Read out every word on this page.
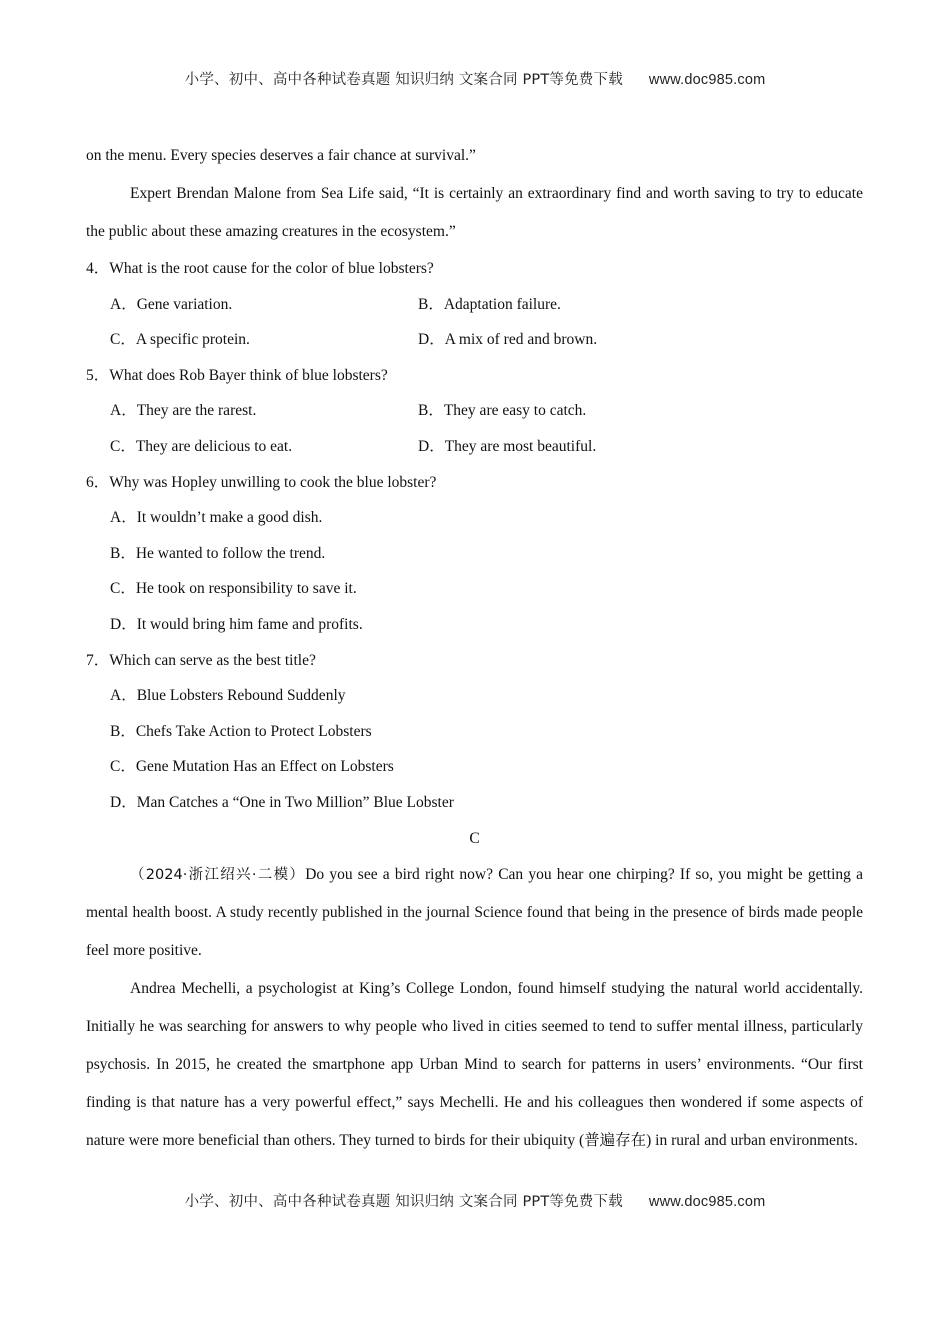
小学、初中、高中各种试卷真题 知识归纳 文案合同 PPT等免费下载 www.doc985.com

on the menu. Every species deserves a fair chance at survival.”

Expert Brendan Malone from Sea Life said, “It is certainly an extraordinary find and worth saving to try to educate the public about these amazing creatures in the ecosystem.”

4．What is the root cause for the color of blue lobsters?

A．Gene variation.	B．Adaptation failure.
C．A specific protein.	D．A mix of red and brown.

5．What does Rob Bayer think of blue lobsters?

A．They are the rarest.	B．They are easy to catch.
C．They are delicious to eat.	D．They are most beautiful.

6．Why was Hopley unwilling to cook the blue lobster?

A．It wouldn’t make a good dish.

B．He wanted to follow the trend.

C．He took on responsibility to save it.

D．It would bring him fame and profits.

7．Which can serve as the best title?

A．Blue Lobsters Rebound Suddenly

B．Chefs Take Action to Protect Lobsters

C．Gene Mutation Has an Effect on Lobsters

D．Man Catches a “One in Two Million” Blue Lobster

C

（2024·浙江绍兴·二模）Do you see a bird right now? Can you hear one chirping? If so, you might be getting a mental health boost. A study recently published in the journal Science found that being in the presence of birds made people feel more positive.

Andrea Mechelli, a psychologist at King’s College London, found himself studying the natural world accidentally. Initially he was searching for answers to why people who lived in cities seemed to tend to suffer mental illness, particularly psychosis. In 2015, he created the smartphone app Urban Mind to search for patterns in users’ environments. “Our first finding is that nature has a very powerful effect,” says Mechelli. He and his colleagues then wondered if some aspects of nature were more beneficial than others. They turned to birds for their ubiquity (普遍存在) in rural and urban environments.

小学、初中、高中各种试卷真题 知识归纳 文案合同 PPT等免费下载 www.doc985.com
